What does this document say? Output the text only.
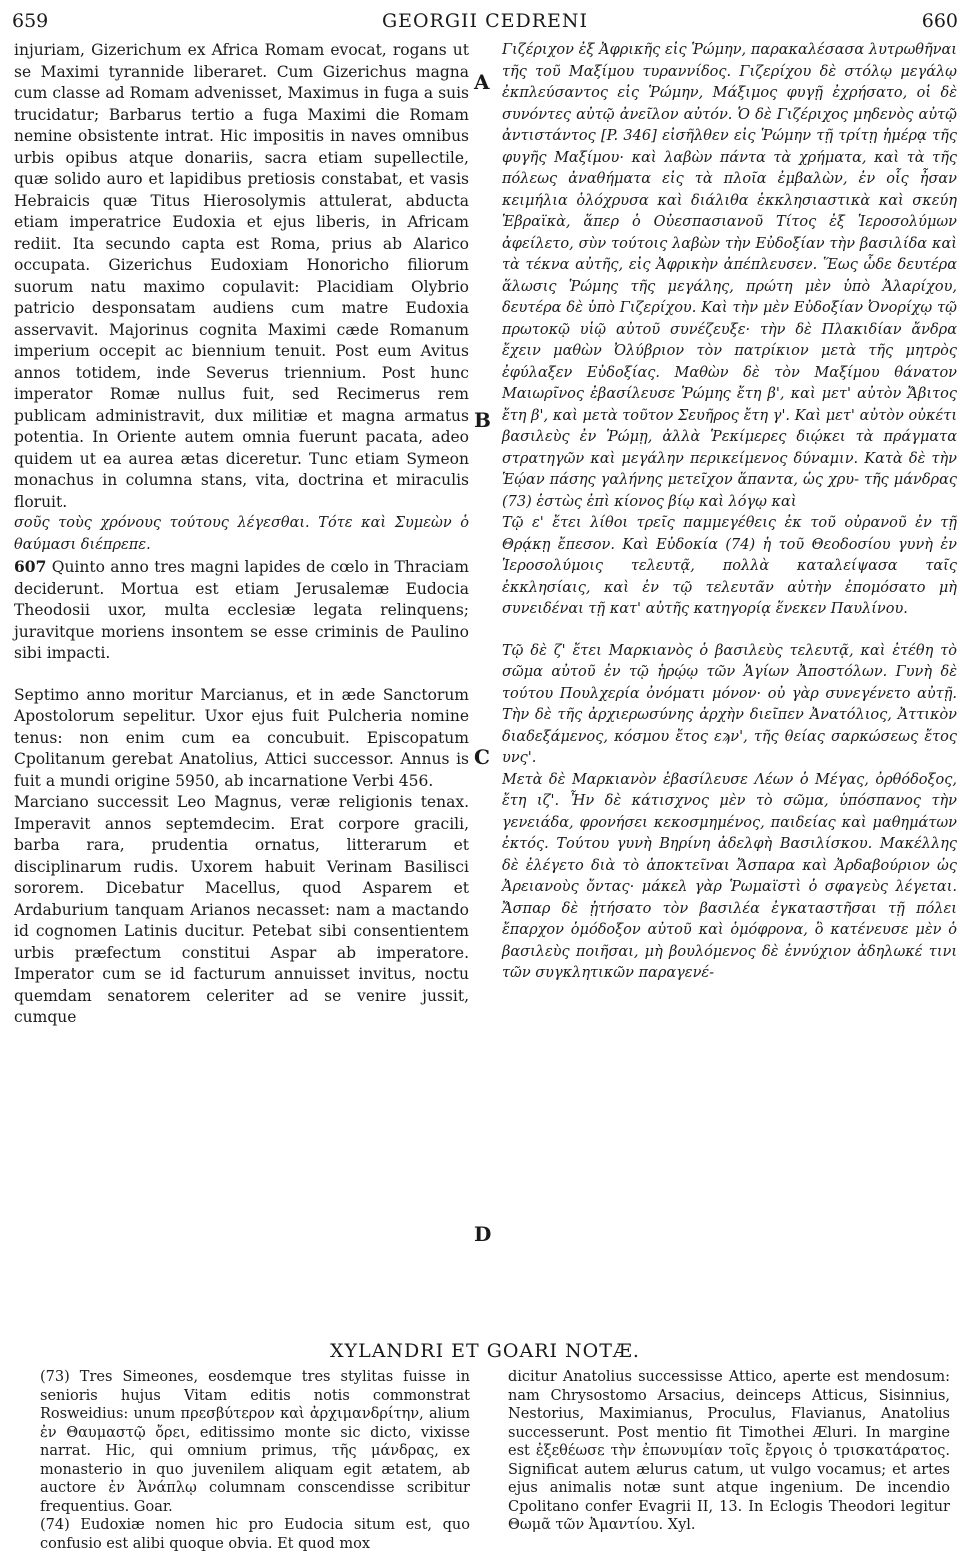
659	GEORGII CEDRENI	660

injuriam, Gizerichum ex Africa Romam evocat, rogans ut se Maximi tyrannide liberaret. Cum Gizerichus magna cum classe ad Romam advenisset, Maximus in fuga a suis trucidatur; Barbarus tertio a fuga Maximi die Romam nemine obsistente intrat. Hic impositis in naves omnibus urbis opibus atque donariis, sacra etiam supellectile, quæ solido auro et lapidibus pretiosis constabat, et vasis Hebraicis quæ Titus Hierosolymis attulerat, abducta etiam imperatrice Eudoxia et ejus liberis, in Africam rediit. Ita secundo capta est Roma, prius ab Alarico occupata. Gizerichus Eudoxiam Honoricho filiorum suorum natu maximo copulavit: Placidiam Olybrio patricio desponsatam audiens cum matre Eudoxia asservavit. Majorinus cognita Maximi cæde Romanum imperium occepit ac biennium tenuit. Post eum Avitus annos totidem, inde Severus triennium. Post hunc imperator Romæ nullus fuit, sed Recimerus rem publicam administravit, dux militiæ et magna armatus potentia. In Oriente autem omnia fuerunt pacata, adeo quidem ut ea aurea ætas diceretur. Tunc etiam Symeon monachus in columna stans, vita, doctrina et miraculis floruit.

σοῦς τοὺς χρόνους τούτους λέγεσθαι. Τότε καὶ Συμεὼν ὁ θαύμασι διέπρεπε.

607 Quinto anno tres magni lapides de cœlo in Thraciam deciderunt. Mortua est etiam Jerusalemæ Eudocia Theodosii uxor, multa ecclesiæ legata relinquens; juravitque moriens insontem se esse criminis de Paulino sibi impacti.

Septimo anno moritur Marcianus, et in æde Sanctorum Apostolorum sepelitur. Uxor ejus fuit Pulcheria nomine tenus: non enim cum ea concubuit. Episcopatum Cpolitanum gerebat Anatolius, Attici successor. Annus is fuit a mundi origine 5950, ab incarnatione Verbi 456.

Marciano successit Leo Magnus, veræ religionis tenax. Imperavit annos septemdecim. Erat corpore gracili, barba rara, prudentia ornatus, litterarum et disciplinarum rudis. Uxorem habuit Verinam Basilisci sororem. Dicebatur Macellus, quod Asparem et Ardaburium tanquam Arianos necasset: nam a mactando id cognomen Latinis ducitur. Petebat sibi consentientem urbis præfectum constitui Aspar ab imperatore. Imperator cum se id facturum annuisset invitus, noctu quemdam senatorem celeriter ad se venire jussit, cumque

A
B
C
D

Γιζέριχον ἐξ Ἀφρικῆς εἰς Ῥώμην, παρακαλέσασα λυτρωθῆναι τῆς τοῦ Μαξίμου τυραννίδος. Γιζερίχου δὲ στόλῳ μεγάλῳ ἐκπλεύσαντος εἰς Ῥώμην, Μάξιμος φυγῇ ἐχρήσατο, οἱ δὲ συνόντες αὐτῷ ἀνεῖλον αὐτόν. Ὁ δὲ Γιζέριχος μηδενὸς αὐτῷ ἀντιστάντος [P. 346] εἰσῆλθεν εἰς Ῥώμην τῇ τρίτῃ ἡμέρᾳ τῆς φυγῆς Μαξίμου· καὶ λαβὼν πάντα τὰ χρήματα, καὶ τὰ τῆς πόλεως ἀναθήματα εἰς τὰ πλοῖα ἐμβαλὼν, ἐν οἷς ἦσαν κειμήλια ὁλόχρυσα καὶ διάλιθα ἐκκλησιαστικὰ καὶ σκεύη Ἑβραϊκὰ, ἅπερ ὁ Οὐεσπασιανοῦ Τίτος ἐξ Ἱεροσολύμων ἀφείλετο, σὺν τούτοις λαβὼν τὴν Εὐδοξίαν τὴν βασιλίδα καὶ τὰ τέκνα αὐτῆς, εἰς Ἀφρικὴν ἀπέπλευσεν. Ἕως ὧδε δευτέρα ἅλωσις Ῥώμης τῆς μεγάλης, πρώτη μὲν ὑπὸ Ἀλαρίχου, δευτέρα δὲ ὑπὸ Γιζερίχου. Καὶ τὴν μὲν Εὐδοξίαν Ὀνορίχῳ τῷ πρωτοκῷ υἱῷ αὐτοῦ συνέζευξε· τὴν δὲ Πλακιδίαν ἄνδρα ἔχειν μαθὼν Ὀλύβριον τὸν πατρίκιον μετὰ τῆς μητρὸς ἐφύλαξεν Εὐδοξίας. Μαθὼν δὲ τὸν Μαξίμου θάνατον Μαιωρῖνος ἐβασίλευσε Ῥώμης ἔτη β', καὶ μετ' αὐτὸν Ἄβιτος ἔτη β', καὶ μετὰ τοῦτον Σευῆρος ἔτη γ'. Καὶ μετ' αὐτὸν οὐκέτι βασιλεὺς ἐν Ῥώμῃ, ἀλλὰ Ῥεκίμερες διῴκει τὰ πράγματα στρατηγῶν καὶ μεγάλην περικείμενος δύναμιν. Κατὰ δὲ τὴν Ἑῴαν πάσης γαλήνης μετεῖχον ἅπαντα, ὡς χρυ- τῆς μάνδρας (73) ἑστὼς ἐπὶ κίονος βίῳ καὶ λόγῳ καὶ

Τῷ ε' ἔτει λίθοι τρεῖς παμμεγέθεις ἐκ τοῦ οὐρανοῦ ἐν τῇ Θρᾴκῃ ἔπεσον. Καὶ Εὐδοκία (74) ἡ τοῦ Θεοδοσίου γυνὴ ἐν Ἱεροσολύμοις τελευτᾷ, πολλὰ καταλείψασα ταῖς ἐκκλησίαις, καὶ ἐν τῷ τελευτᾶν αὐτὴν ἐπομόσατο μὴ συνειδέναι τῇ κατ' αὐτῆς κατηγορίᾳ ἕνεκεν Παυλίνου.

Τῷ δὲ ζ' ἔτει Μαρκιανὸς ὁ βασιλεὺς τελευτᾷ, καὶ ἐτέθη τὸ σῶμα αὐτοῦ ἐν τῷ ἡρῴῳ τῶν Ἁγίων Ἀποστόλων. Γυνὴ δὲ τούτου Πουλχερία ὀνόματι μόνον· οὐ γὰρ συνεγένετο αὐτῇ. Τὴν δὲ τῆς ἀρχιερωσύνης ἀρχὴν διεῖπεν Ἀνατόλιος, Ἀττικὸν διαδεξάμενος, κόσμου ἔτος εϡν', τῆς θείας σαρκώσεως ἔτος υνς'.

Μετὰ δὲ Μαρκιανὸν ἐβασίλευσε Λέων ὁ Μέγας, ὀρθόδοξος, ἔτη ιζ'. Ἦν δὲ κάτισχνος μὲν τὸ σῶμα, ὑπόσπανος τὴν γενειάδα, φρονήσει κεκοσμημένος, παιδείας καὶ μαθημάτων ἐκτός. Τούτου γυνὴ Βηρίνη ἀδελφὴ Βασιλίσκου. Μακέλλης δὲ ἐλέγετο διὰ τὸ ἀποκτεῖναι Ἄσπαρα καὶ Ἀρδαβούριον ὡς Ἀρειανοὺς ὄντας· μάκελ γὰρ Ῥωμαϊστὶ ὁ σφαγεὺς λέγεται. Ἄσπαρ δὲ ᾐτήσατο τὸν βασιλέα ἐγκαταστῆσαι τῇ πόλει ἔπαρχον ὁμόδοξον αὐτοῦ καὶ ὁμόφρονα, ὃ κατένευσε μὲν ὁ βασιλεὺς ποιῆσαι, μὴ βουλόμενος δὲ ἐννύχιον ἀδηλωκέ τινι τῶν συγκλητικῶν παραγενέ-

XYLANDRI ET GOARI NOTÆ.

(73) Tres Simeones, eosdemque tres stylitas fuisse in senioris hujus Vitam editis notis commonstrat Rosweidius: unum πρεσβύτερον καὶ ἀρχιμανδρίτην, alium ἐν Θαυμαστῷ ὄρει, editissimo monte sic dicto, vixisse narrat. Hic, qui omnium primus, τῆς μάνδρας, ex monasterio in quo juvenilem aliquam egit ætatem, ab auctore ἐν Ἀνάπλῳ columnam conscendisse scribitur frequentius. Goar.

(74) Eudoxiæ nomen hic pro Eudocia situm est, quo confusio est alibi quoque obvia. Et quod mox

dicitur Anatolius successisse Attico, aperte est mendosum: nam Chrysostomo Arsacius, deinceps Atticus, Sisinnius, Nestorius, Maximianus, Proculus, Flavianus, Anatolius successerunt. Post mentio fit Timothei Æluri. In margine est ἐξεθέωσε τὴν ἐπωνυμίαν τοῖς ἔργοις ὁ τρισκατάρατος. Significat autem ælurus catum, ut vulgo vocamus; et artes ejus animalis notæ sunt atque ingenium. De incendio Cpolitano confer Evagrii II, 13. In Eclogis Theodori legitur Θωμᾶ τῶν Ἀμαντίου. Xyl.
